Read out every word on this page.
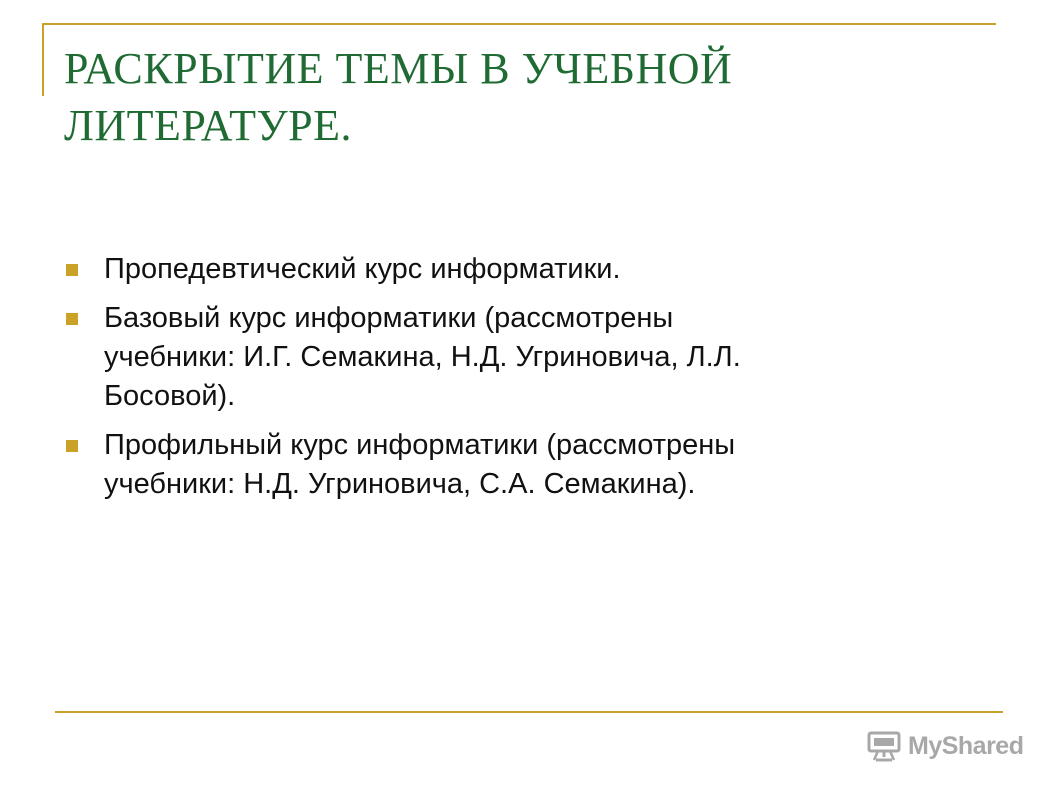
РАСКРЫТИЕ ТЕМЫ В УЧЕБНОЙ
ЛИТЕРАТУРЕ.
Пропедевтический курс информатики.
Базовый курс информатики (рассмотрены
учебники: И.Г. Семакина, Н.Д. Угриновича, Л.Л.
Босовой).
Профильный курс информатики (рассмотрены
учебники: Н.Д. Угриновича, С.А. Семакина).
MyShared
